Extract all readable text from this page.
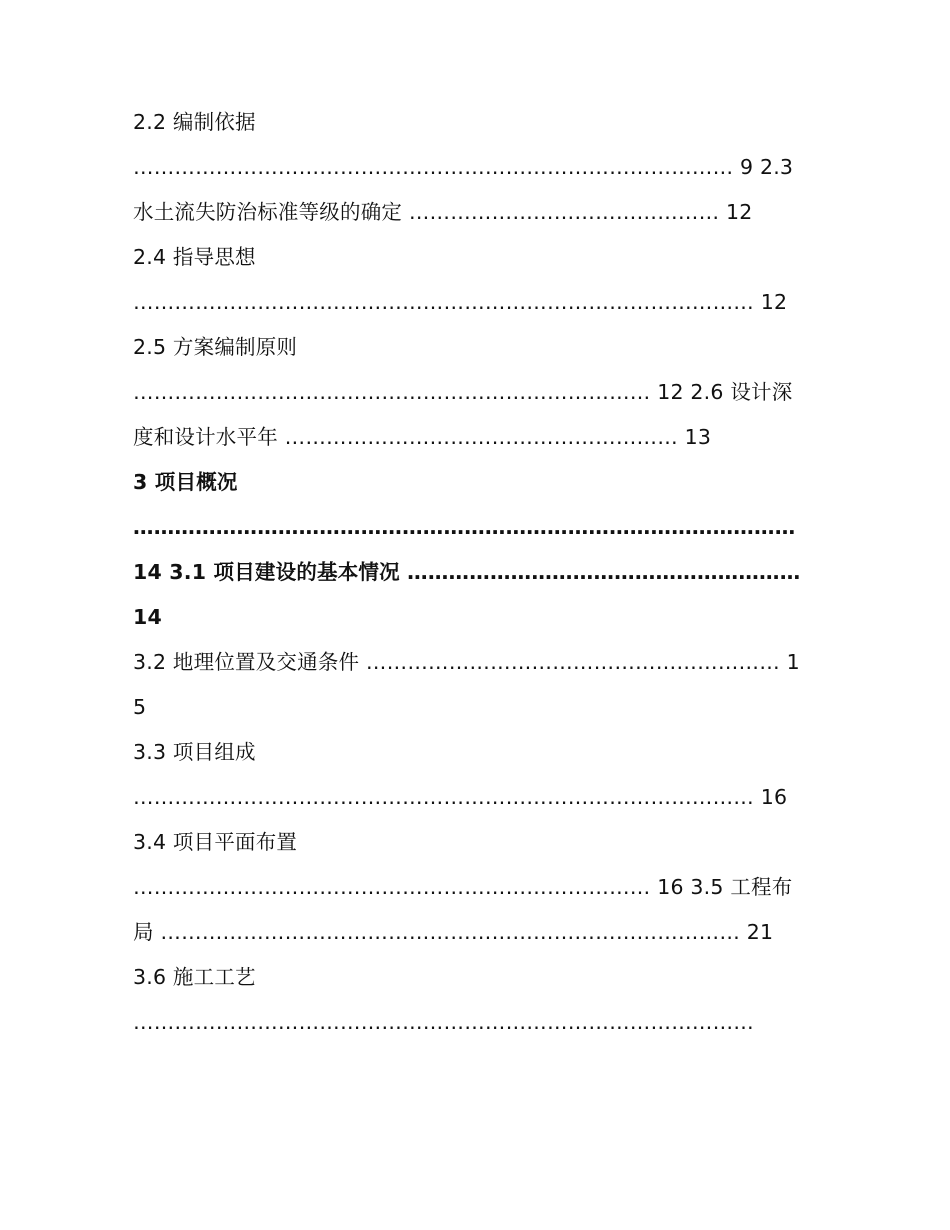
2.2 编制依据 …………………………………………………………………………… 9 2.3 水土流失防治标准等级的确定 ……………………………………… 12
2.4 指导思想 ……………………………………………………………………………… 12 2.5 方案编制原则 ………………………………………………………………… 12 2.6 设计深度和设计水平年 ………………………………………………… 13
3 项目概况 …………………………………………………………………………………… 14 3.1 项目建设的基本情况 ………………………………………………… 14
3.2 地理位置及交通条件 …………………………………………………… 15
3.3 项目组成 ……………………………………………………………………………… 16 3.4 项目平面布置 ………………………………………………………………… 16 3.5 工程布局 ………………………………………………………………………… 21
3.6 施工工艺 ………………………………………………………………………………
